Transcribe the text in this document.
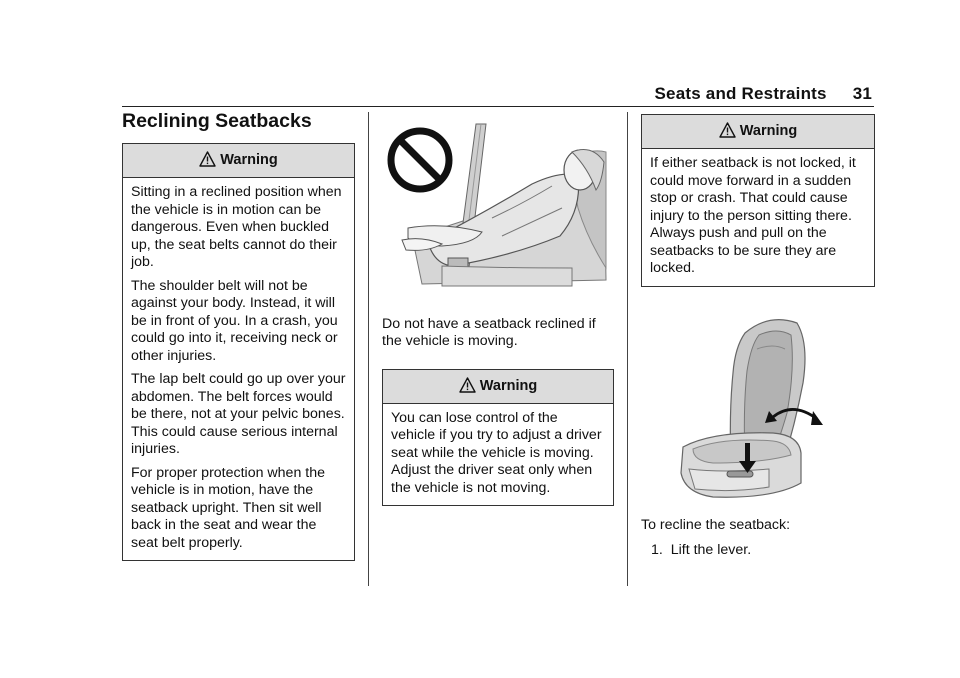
Seats and Restraints 31
Reclining Seatbacks
Warning

Sitting in a reclined position when the vehicle is in motion can be dangerous. Even when buckled up, the seat belts cannot do their job.

The shoulder belt will not be against your body. Instead, it will be in front of you. In a crash, you could go into it, receiving neck or other injuries.

The lap belt could go up over your abdomen. The belt forces would be there, not at your pelvic bones. This could cause serious internal injuries.

For proper protection when the vehicle is in motion, have the seatback upright. Then sit well back in the seat and wear the seat belt properly.

Do not have a seatback reclined if the vehicle is moving.

Warning

You can lose control of the vehicle if you try to adjust a driver seat while the vehicle is moving. Adjust the driver seat only when the vehicle is not moving.

Warning

If either seatback is not locked, it could move forward in a sudden stop or crash. That could cause injury to the person sitting there. Always push and pull on the seatbacks to be sure they are locked.

To recline the seatback:

1.  Lift the lever.
